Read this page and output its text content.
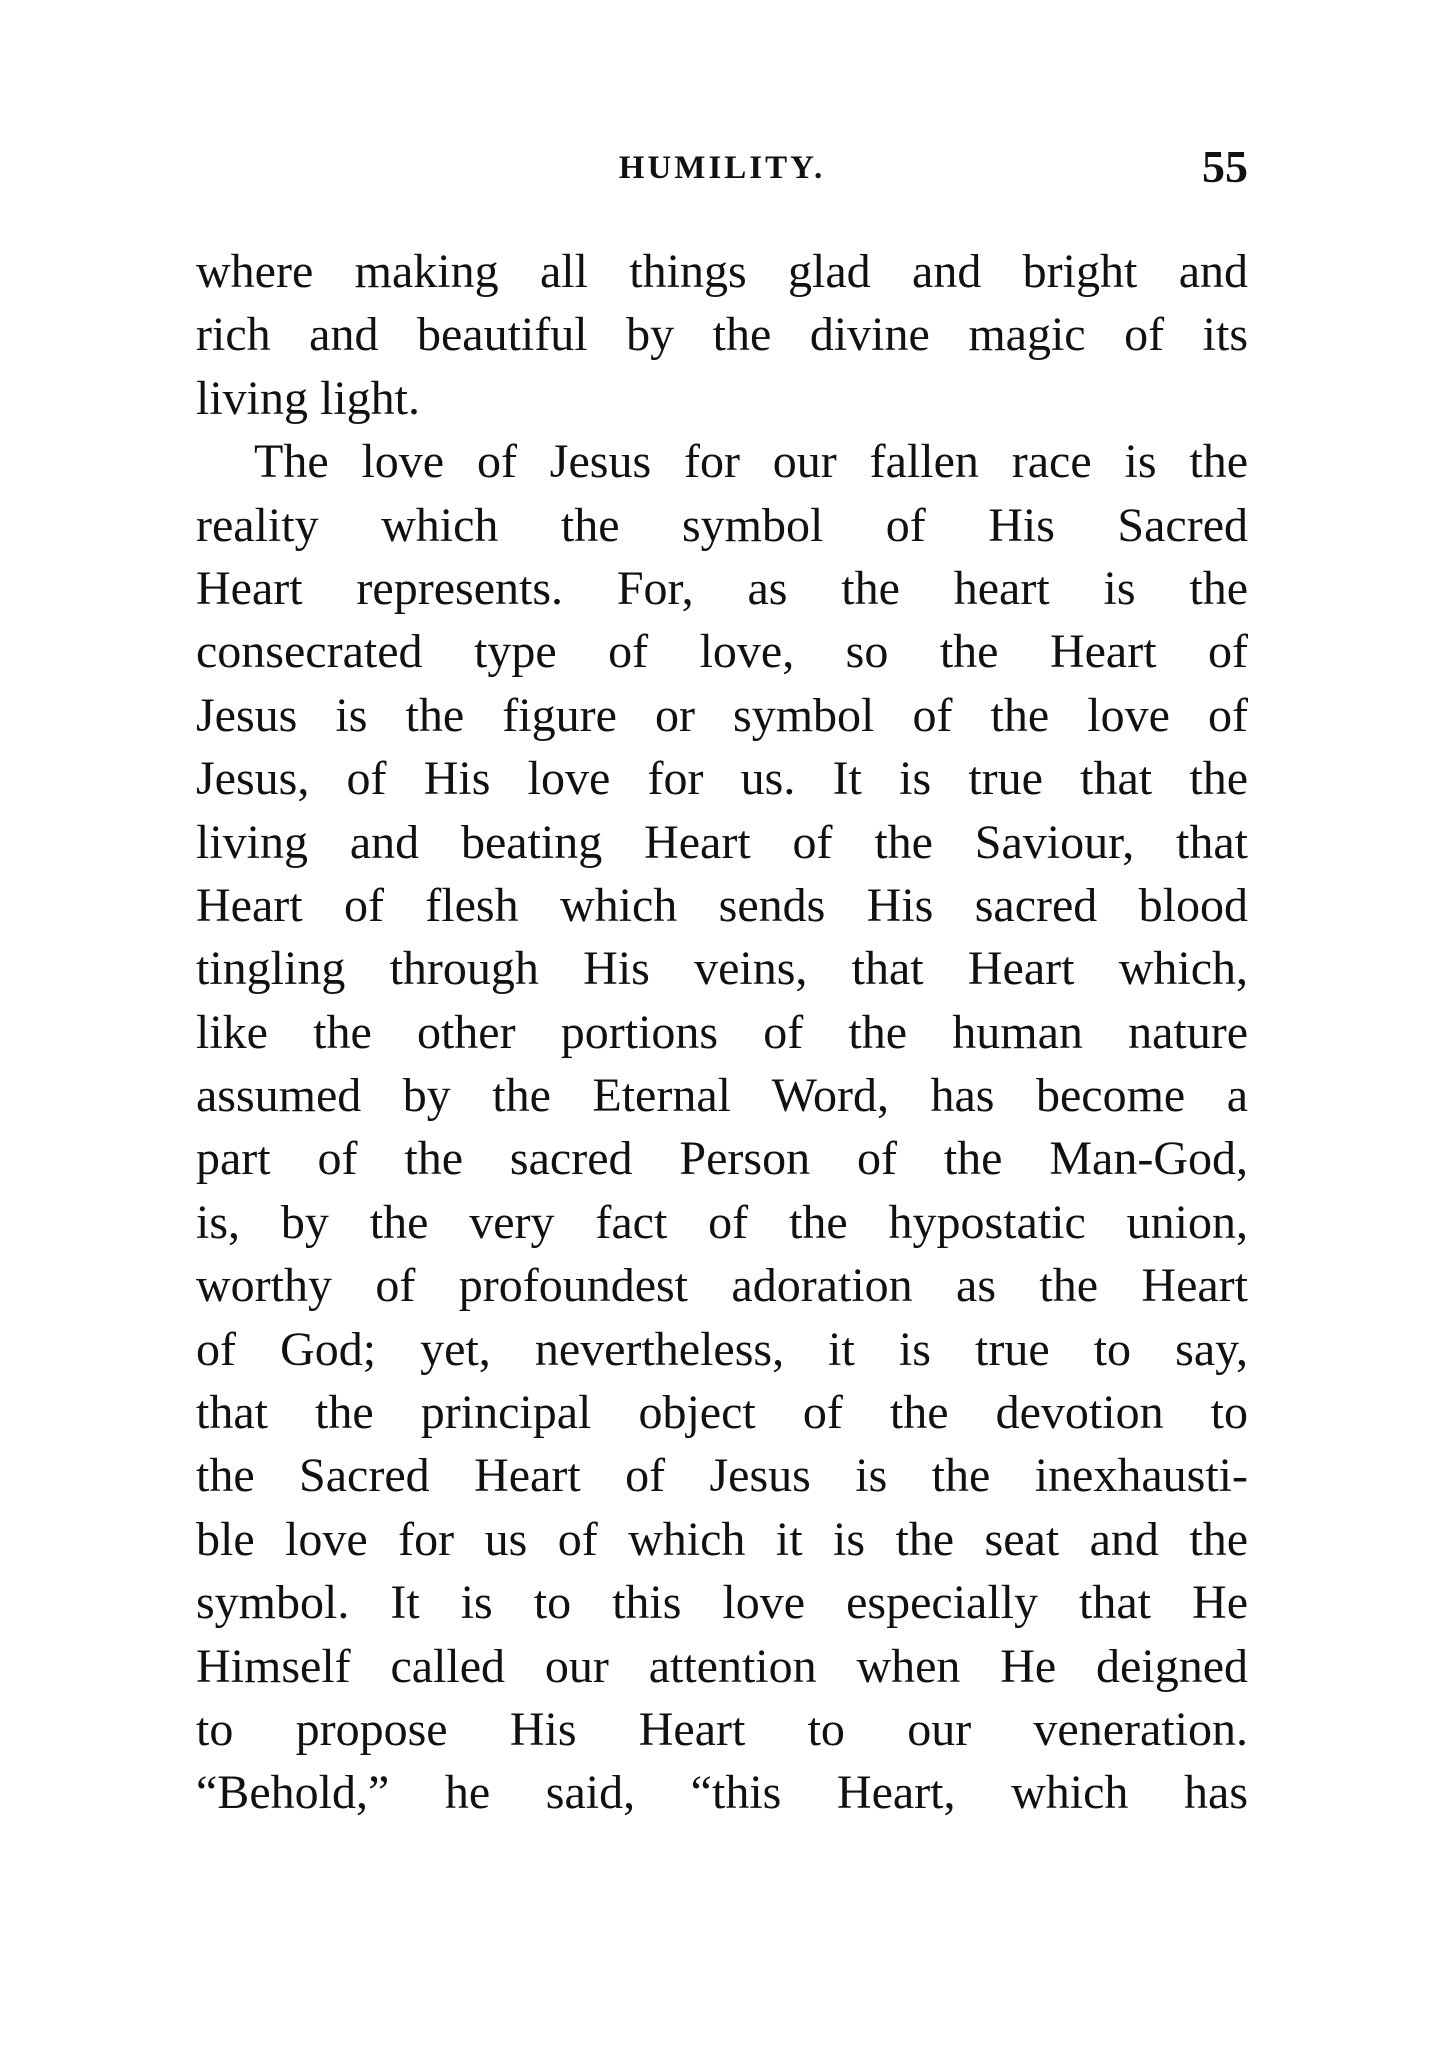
HUMILITY.	55
where making all things glad and bright and
rich and beautiful by the divine magic of its
living light.
The love of Jesus for our fallen race is the
reality which the symbol of His Sacred
Heart represents. For, as the heart is the
consecrated type of love, so the Heart of
Jesus is the figure or symbol of the love of
Jesus, of His love for us. It is true that the
living and beating Heart of the Saviour, that
Heart of flesh which sends His sacred blood
tingling through His veins, that Heart which,
like the other portions of the human nature
assumed by the Eternal Word, has become a
part of the sacred Person of the Man-God,
is, by the very fact of the hypostatic union,
worthy of profoundest adoration as the Heart
of God; yet, nevertheless, it is true to say,
that the principal object of the devotion to
the Sacred Heart of Jesus is the inexhausti-
ble love for us of which it is the seat and the
symbol. It is to this love especially that He
Himself called our attention when He deigned
to propose His Heart to our veneration.
“Behold,” he said, “this Heart, which has
